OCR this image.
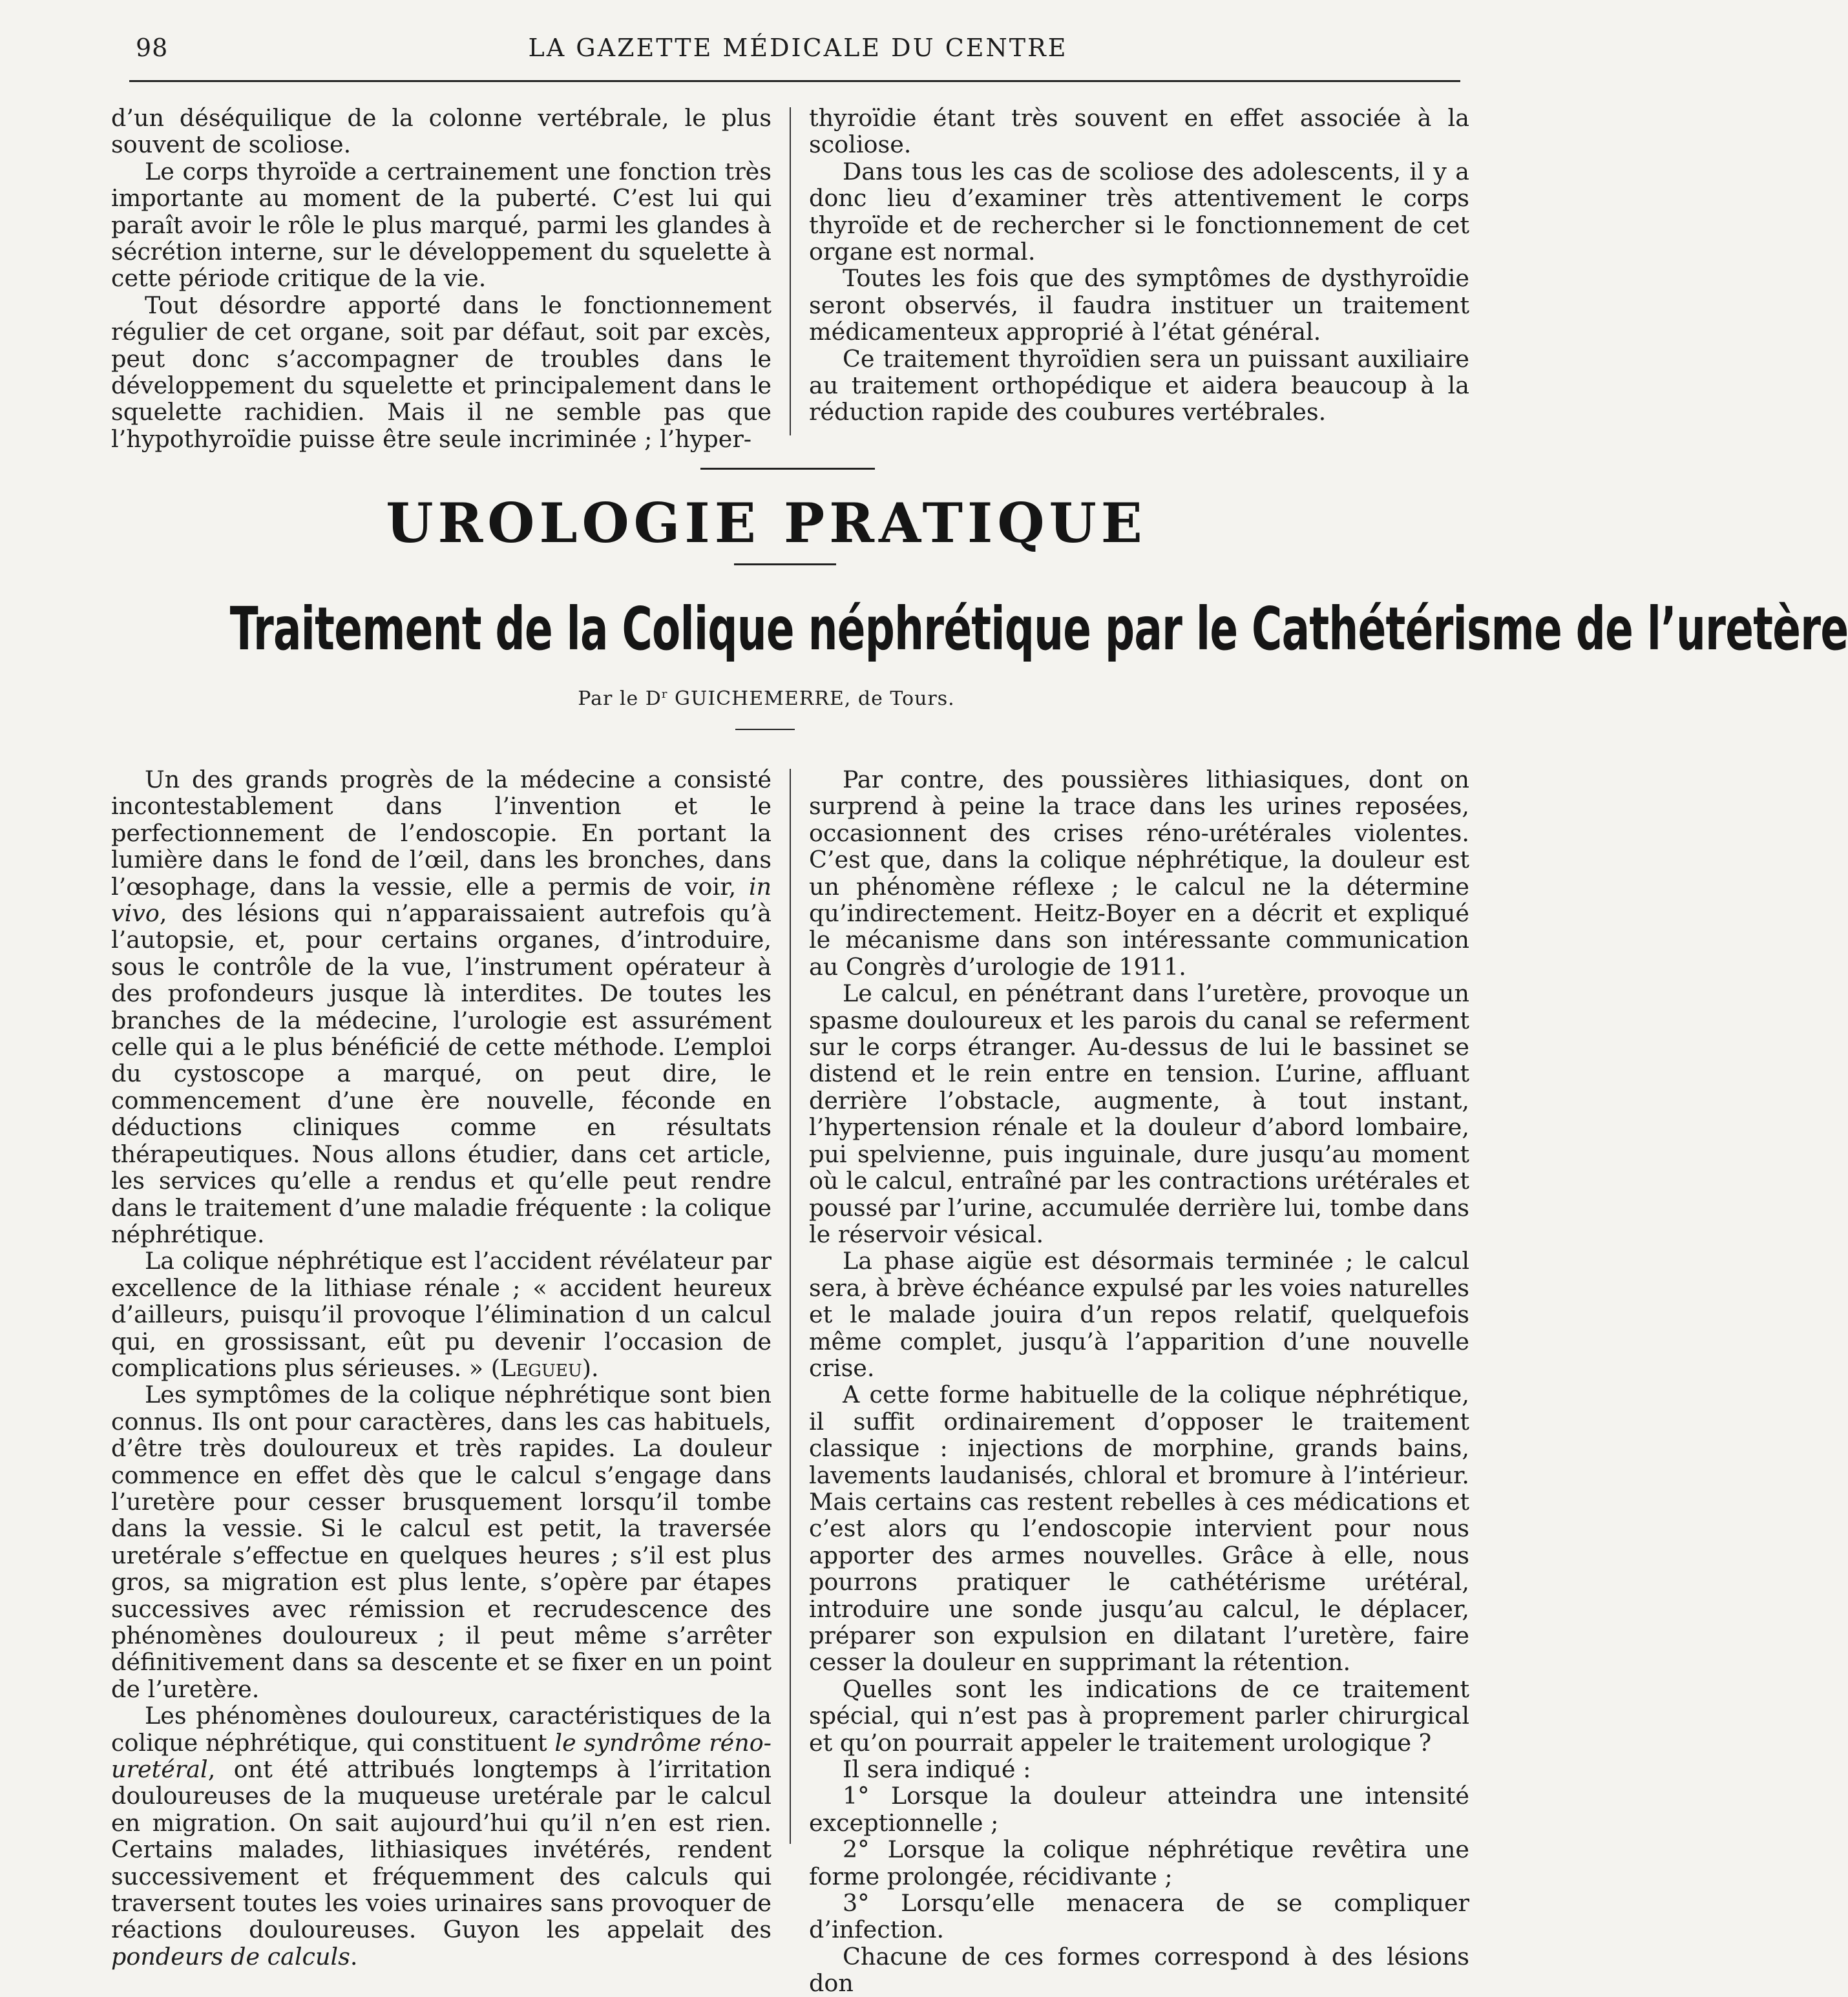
98	LA GAZETTE MÉDICALE DU CENTRE

d’un déséquilique de la colonne vertébrale, le plus souvent de scoliose.

Le corps thyroïde a certrainement une fonction très importante au moment de la puberté. C’est lui qui paraît avoir le rôle le plus marqué, parmi les glandes à sécrétion interne, sur le développement du squelette à cette période critique de la vie.

Tout désordre apporté dans le fonctionnement régulier de cet organe, soit par défaut, soit par excès, peut donc s’accompagner de troubles dans le développement du squelette et principalement dans le squelette rachidien. Mais il ne semble pas que l’hypothyroïdie puisse être seule incriminée ; l’hyper-

thyroïdie étant très souvent en effet associée à la scoliose.

Dans tous les cas de scoliose des adolescents, il y a donc lieu d’examiner très attentivement le corps thyroïde et de rechercher si le fonctionnement de cet organe est normal.

Toutes les fois que des symptômes de dysthyroïdie seront observés, il faudra instituer un traitement médicamenteux approprié à l’état général.

Ce traitement thyroïdien sera un puissant auxiliaire au traitement orthopédique et aidera beaucoup à la réduction rapide des coubures vertébrales.

UROLOGIE PRATIQUE
Traitement de la Colique néphrétique par le Cathétérisme de l’uretère
Par le $D^r$ GUICHEMERRE, de Tours.

Un des grands progrès de la médecine a consisté incontestablement dans l’invention et le perfectionnement de l’endoscopie. En portant la lumière dans le fond de l’œil, dans les bronches, dans l’œsophage, dans la vessie, elle a permis de voir, in vivo, des lésions qui n’apparaissaient autrefois qu’à l’autopsie, et, pour certains organes, d’introduire, sous le contrôle de la vue, l’instrument opérateur à des profondeurs jusque là interdites. De toutes les branches de la médecine, l’urologie est assurément celle qui a le plus bénéficié de cette méthode. L’emploi du cystoscope a marqué, on peut dire, le commencement d’une ère nouvelle, féconde en déductions cliniques comme en résultats thérapeutiques. Nous allons étudier, dans cet article, les services qu’elle a rendus et qu’elle peut rendre dans le traitement d’une maladie fréquente : la colique néphrétique.

La colique néphrétique est l’accident révélateur par excellence de la lithiase rénale ; « accident heureux d’ailleurs, puisqu’il provoque l’élimination d un calcul qui, en grossissant, eût pu devenir l’occasion de complications plus sérieuses. » (Legueu).

Les symptômes de la colique néphrétique sont bien connus. Ils ont pour caractères, dans les cas habituels, d’être très douloureux et très rapides. La douleur commence en effet dès que le calcul s’engage dans l’uretère pour cesser brusquement lorsqu’il tombe dans la vessie. Si le calcul est petit, la traversée uretérale s’effectue en quelques heures ; s’il est plus gros, sa migration est plus lente, s’opère par étapes successives avec rémission et recrudescence des phénomènes douloureux ; il peut même s’arrêter définitivement dans sa descente et se fixer en un point de l’uretère.

Les phénomènes douloureux, caractéristiques de la colique néphrétique, qui constituent le syndrôme réno-uretéral, ont été attribués longtemps à l’irritation douloureuses de la muqueuse uretérale par le calcul en migration. On sait aujourd’hui qu’il n’en est rien. Certains malades, lithiasiques invétérés, rendent successivement et fréquemment des calculs qui traversent toutes les voies urinaires sans provoquer de réactions douloureuses. Guyon les appelait des pondeurs de calculs.

Par contre, des poussières lithiasiques, dont on surprend à peine la trace dans les urines reposées, occasionnent des crises réno-urétérales violentes. C’est que, dans la colique néphrétique, la douleur est un phénomène réflexe ; le calcul ne la détermine qu’indirectement. Heitz-Boyer en a décrit et expliqué le mécanisme dans son intéressante communication au Congrès d’urologie de 1911.

Le calcul, en pénétrant dans l’uretère, provoque un spasme douloureux et les parois du canal se referment sur le corps étranger. Au-dessus de lui le bassinet se distend et le rein entre en tension. L’urine, affluant derrière l’obstacle, augmente, à tout instant, l’hypertension rénale et la douleur d’abord lombaire, pui spelvienne, puis inguinale, dure jusqu’au moment où le calcul, entraîné par les contractions urétérales et poussé par l’urine, accumulée derrière lui, tombe dans le réservoir vésical.

La phase aigüe est désormais terminée ; le calcul sera, à brève échéance expulsé par les voies naturelles et le malade jouira d’un repos relatif, quelquefois même complet, jusqu’à l’apparition d’une nouvelle crise.

A cette forme habituelle de la colique néphrétique, il suffit ordinairement d’opposer le traitement classique : injections de morphine, grands bains, lavements laudanisés, chloral et bromure à l’intérieur. Mais certains cas restent rebelles à ces médications et c’est alors qu l’endoscopie intervient pour nous apporter des armes nouvelles. Grâce à elle, nous pourrons pratiquer le cathétérisme urétéral, introduire une sonde jusqu’au calcul, le déplacer, préparer son expulsion en dilatant l’uretère, faire cesser la douleur en supprimant la rétention.

Quelles sont les indications de ce traitement spécial, qui n’est pas à proprement parler chirurgical et qu’on pourrait appeler le traitement urologique ?

Il sera indiqué :

1° Lorsque la douleur atteindra une intensité exceptionnelle ;

2° Lorsque la colique néphrétique revêtira une forme prolongée, récidivante ;

3° Lorsqu’elle menacera de se compliquer d’infection.

Chacune de ces formes correspond à des lésions don
